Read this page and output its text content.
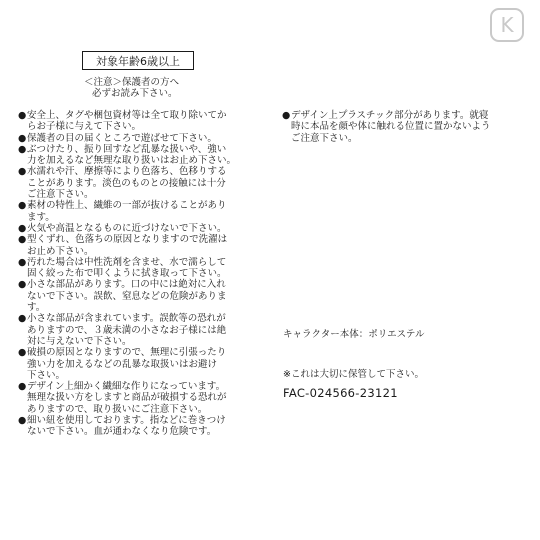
K
対象年齢6歳以上
＜注意＞保護者の方へ
必ずお読み下さい。
● 安全上、タグや梱包資材等は全て取り除いてか
らお子様に与えて下さい。
● 保護者の目の届くところで遊ばせて下さい。
● ぶつけたり、振り回すなど乱暴な扱いや、強い
力を加えるなど無理な取り扱いはお止め下さい。
● 水濡れや汗、摩擦等により色落ち、色移りする
ことがあります。淡色のものとの接触には十分
ご注意下さい。
● 素材の特性上、繊維の一部が抜けることがあり
ます。
● 火気や高温となるものに近づけないで下さい。
● 型くずれ、色落ちの原因となりますので洗濯は
お止め下さい。
● 汚れた場合は中性洗剤を含ませ、水で濡らして
固く絞った布で叩くように拭き取って下さい。
● 小さな部品があります。口の中には絶対に入れ
ないで下さい。誤飲、窒息などの危険がありま
す。
● 小さな部品が含まれています。誤飲等の恐れが
ありますので、３歳未満の小さなお子様には絶
対に与えないで下さい。
● 破損の原因となりますので、無理に引張ったり
強い力を加えるなどの乱暴な取扱いはお避け
下さい。
● デザイン上細かく繊細な作りになっています。
無理な扱い方をしますと商品が破損する恐れが
ありますので、取り扱いにご注意下さい。
● 細い紐を使用しております。指などに巻きつけ
ないで下さい。血が通わなくなり危険です。
● デザイン上プラスチック部分があります。就寝
時に本品を顔や体に触れる位置に置かないよう
ご注意下さい。
キャラクター本体：ポリエステル
※これは大切に保管して下さい。
FAC-024566-23121
